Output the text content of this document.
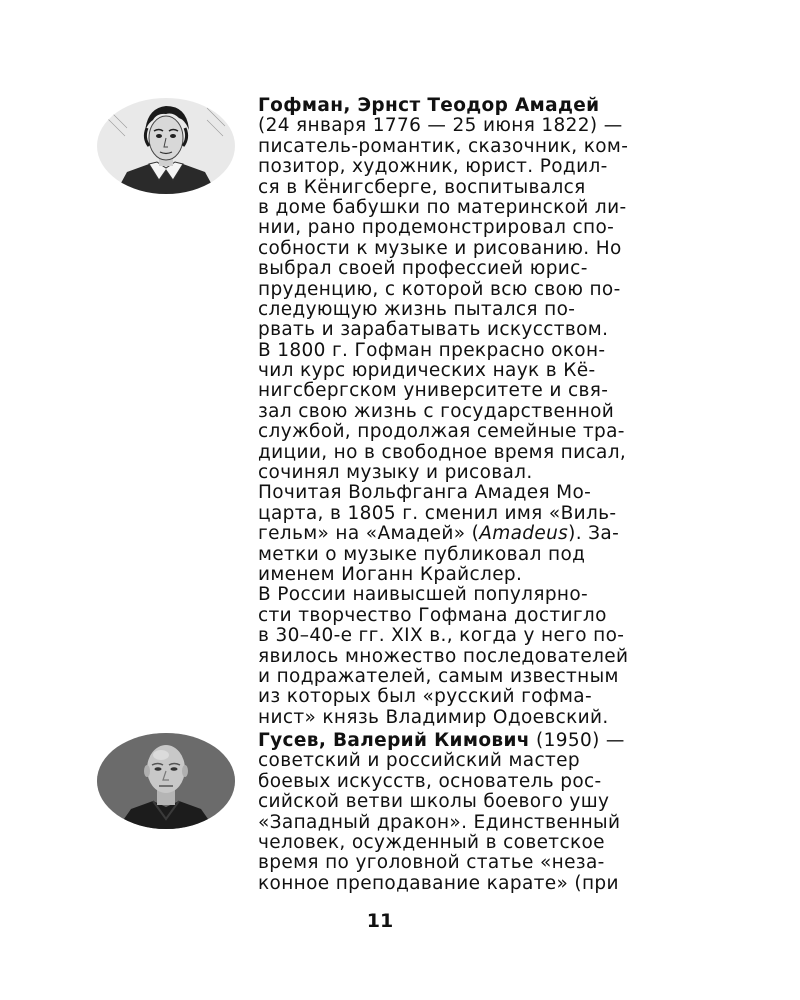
Гофман, Эрнст Теодор Амадей
(24 января 1776 — 25 июня 1822) —
писатель-романтик, сказочник, ком-
позитор, художник, юрист. Родил-
ся в Кёнигсберге, воспитывался
в доме бабушки по материнской ли-
нии, рано продемонстрировал спо-
собности к музыке и рисованию. Но
выбрал своей профессией юрис-
пруденцию, с которой всю свою по-
следующую жизнь пытался по-
рвать и зарабатывать искусством.
В 1800 г. Гофман прекрасно окон-
чил курс юридических наук в Кё-
нигсбергском университете и свя-
зал свою жизнь с государственной
службой, продолжая семейные тра-
диции, но в свободное время писал,
сочинял музыку и рисовал.
Почитая Вольфганга Амадея Мо-
царта, в 1805 г. сменил имя «Виль-
гельм» на «Амадей» (Amadeus). За-
метки о музыке публиковал под
именем Иоганн Крайслер.
В России наивысшей популярно-
сти творчество Гофмана достигло
в 30–40-е гг. XIX в., когда у него по-
явилось множество последователей
и подражателей, самым известным
из которых был «русский гофма-
нист» князь Владимир Одоевский.
Гусев, Валерий Кимович (1950) —
советский и российский мастер
боевых искусств, основатель рос-
сийской ветви школы боевого ушу
«Западный дракон». Единственный
человек, осужденный в советское
время по уголовной статье «неза-
конное преподавание карате» (при
11
